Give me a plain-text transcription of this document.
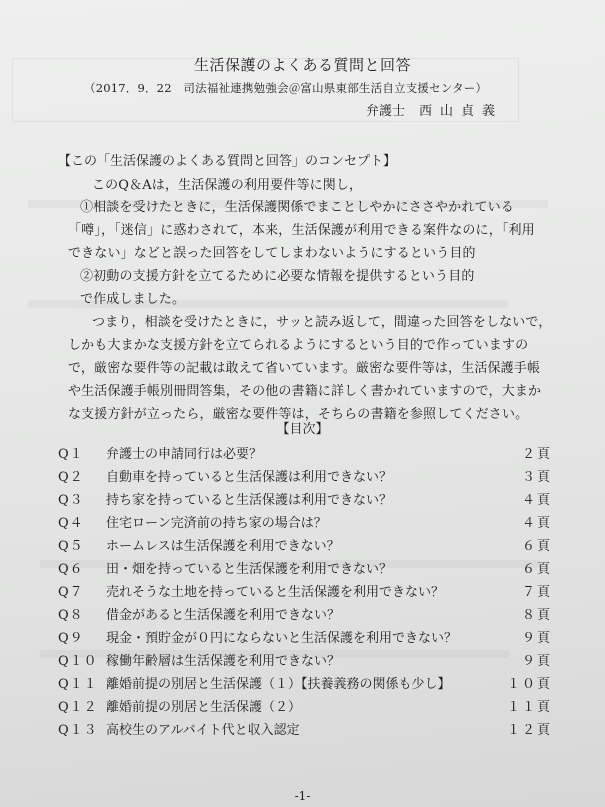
生活保護のよくある質問と回答
（2017．9．22　司法福祉連携勉強会＠富山県東部生活自立支援センター）
弁護士 西山貞義
【この「生活保護のよくある質問と回答」のコンセプト】
このQ＆Aは，生活保護の利用要件等に関し，
①相談を受けたときに，生活保護関係でまことしやかにささやかれている
「噂」，「迷信」に惑わされて，本来，生活保護が利用できる案件なのに，「利用
できない」などと誤った回答をしてしまわないようにするという目的
②初動の支援方針を立てるために必要な情報を提供するという目的
で作成しました。
つまり，相談を受けたときに，サッと読み返して，間違った回答をしないで，
しかも大まかな支援方針を立てられるようにするという目的で作っていますの
で，厳密な要件等の記載は敢えて省いています。厳密な要件等は，生活保護手帳
や生活保護手帳別冊問答集，その他の書籍に詳しく書かれていますので，大まか
な支援方針が立ったら，厳密な要件等は，そちらの書籍を参照してください。
【目次】
Q１ 弁護士の申請同行は必要？	２頁
Q２ 自動車を持っていると生活保護は利用できない？	３頁
Q３ 持ち家を持っていると生活保護は利用できない？	４頁
Q４ 住宅ローン完済前の持ち家の場合は？	４頁
Q５ ホームレスは生活保護を利用できない？	６頁
Q６ 田・畑を持っていると生活保護を利用できない？	６頁
Q７ 売れそうな土地を持っていると生活保護を利用できない？	７頁
Q８ 借金があると生活保護を利用できない？	８頁
Q９ 現金・預貯金が０円にならないと生活保護を利用できない？	９頁
Q１０ 稼働年齢層は生活保護を利用できない？	９頁
Q１１ 離婚前提の別居と生活保護（１）【扶養義務の関係も少し】	１０頁
Q１２ 離婚前提の別居と生活保護（２）	１１頁
Q１３ 高校生のアルバイト代と収入認定	１２頁
-1-
